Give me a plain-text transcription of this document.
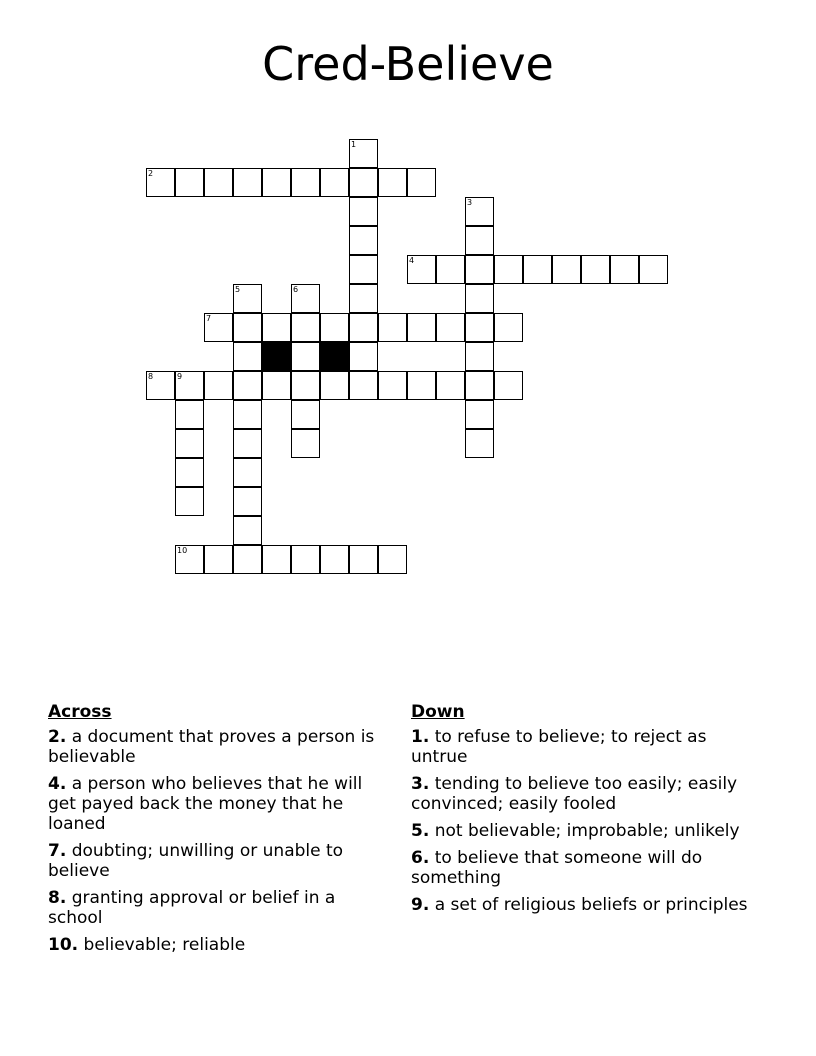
Cred-Believe
1
2
3
4
5	6
7
8	9
10
Across
2. a document that proves a person is believable
4. a person who believes that he will get payed back the money that he loaned
7. doubting; unwilling or unable to believe
8. granting approval or belief in a school
10. believable; reliable
Down
1. to refuse to believe; to reject as untrue
3. tending to believe too easily; easily convinced; easily fooled
5. not believable; improbable; unlikely
6. to believe that someone will do something
9. a set of religious beliefs or principles
